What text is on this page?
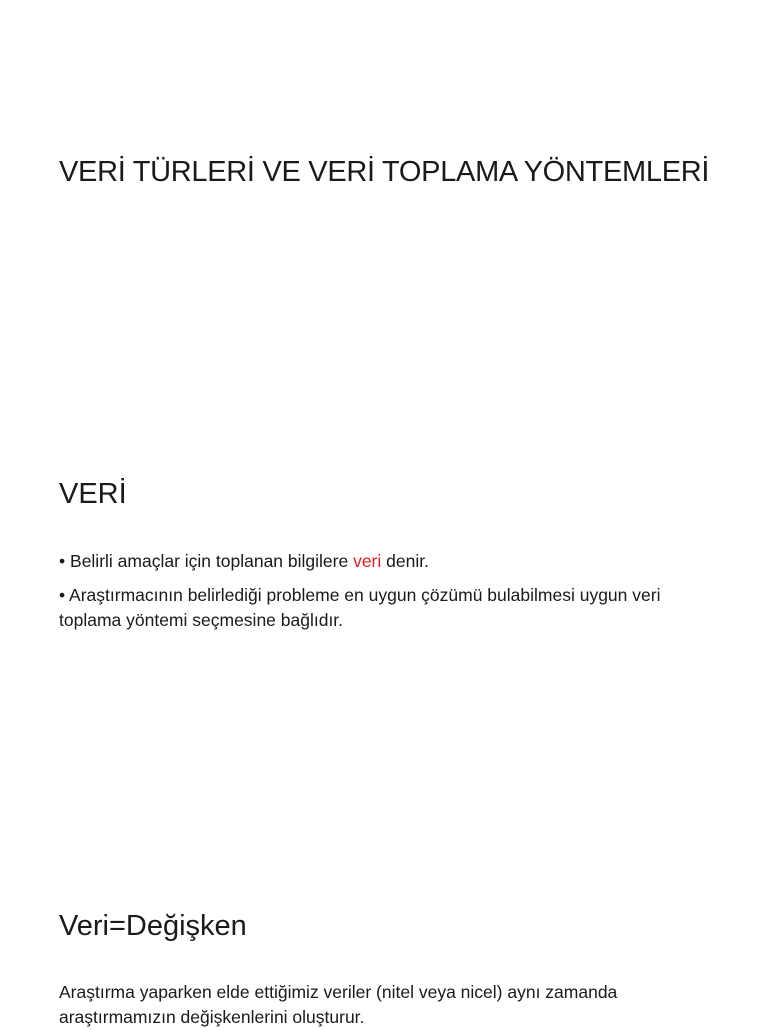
VERİ TÜRLERİ VE VERİ TOPLAMA YÖNTEMLERİ
VERİ
• Belirli amaçlar için toplanan bilgilere veri denir.
• Araştırmacının belirlediği probleme en uygun çözümü bulabilmesi uygun veri toplama yöntemi seçmesine bağlıdır.
Veri=Değişken

Araştırma yaparken elde ettiğimiz veriler (nitel veya nicel) aynı zamanda araştırmamızın değişkenlerini oluşturur.
